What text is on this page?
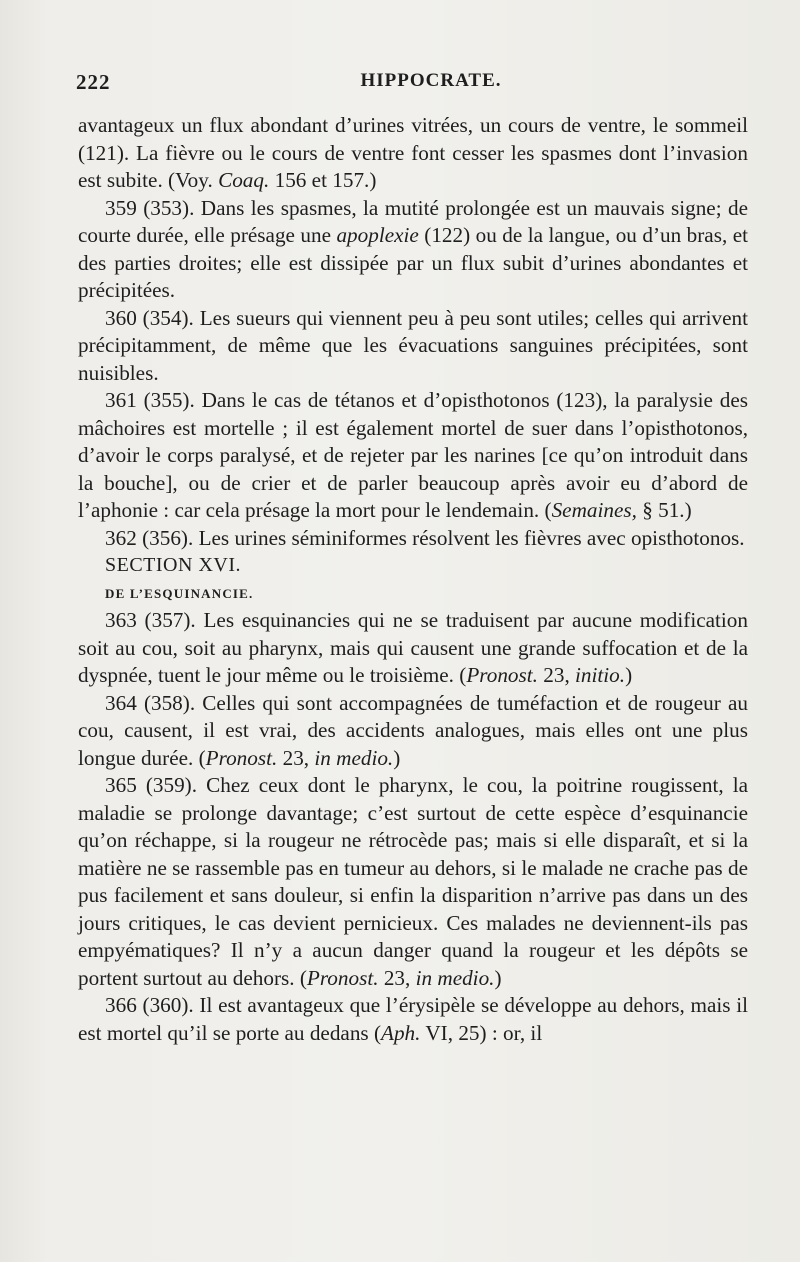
222	HIPPOCRATE.

avantageux un flux abondant d’urines vitrées, un cours de ventre, le sommeil (121). La fièvre ou le cours de ventre font cesser les spasmes dont l’invasion est subite. (Voy. Coaq. 156 et 157.)

359 (353). Dans les spasmes, la mutité prolongée est un mauvais signe; de courte durée, elle présage une apoplexie (122) ou de la langue, ou d’un bras, et des parties droites; elle est dissipée par un flux subit d’urines abondantes et précipitées.

360 (354). Les sueurs qui viennent peu à peu sont utiles; celles qui arrivent précipitamment, de même que les évacuations sanguines précipitées, sont nuisibles.

361 (355). Dans le cas de tétanos et d’opisthotonos (123), la paralysie des mâchoires est mortelle ; il est également mortel de suer dans l’opisthotonos, d’avoir le corps paralysé, et de rejeter par les narines [ce qu’on introduit dans la bouche], ou de crier et de parler beaucoup après avoir eu d’abord de l’aphonie : car cela présage la mort pour le lendemain. (Semaines, § 51.)

362 (356). Les urines séminiformes résolvent les fièvres avec opisthotonos.

SECTION XVI.

DE L’ESQUINANCIE.

363 (357). Les esquinancies qui ne se traduisent par aucune modification soit au cou, soit au pharynx, mais qui causent une grande suffocation et de la dyspnée, tuent le jour même ou le troisième. (Pronost. 23, initio.)

364 (358). Celles qui sont accompagnées de tuméfaction et de rougeur au cou, causent, il est vrai, des accidents analogues, mais elles ont une plus longue durée. (Pronost. 23, in medio.)

365 (359). Chez ceux dont le pharynx, le cou, la poitrine rougissent, la maladie se prolonge davantage; c’est surtout de cette espèce d’esquinancie qu’on réchappe, si la rougeur ne rétrocède pas; mais si elle disparaît, et si la matière ne se rassemble pas en tumeur au dehors, si le malade ne crache pas de pus facilement et sans douleur, si enfin la disparition n’arrive pas dans un des jours critiques, le cas devient pernicieux. Ces malades ne deviennent-ils pas empyématiques? Il n’y a aucun danger quand la rougeur et les dépôts se portent surtout au dehors. (Pronost. 23, in medio.)

366 (360). Il est avantageux que l’érysipèle se développe au dehors, mais il est mortel qu’il se porte au dedans (Aph. VI, 25) : or, il
